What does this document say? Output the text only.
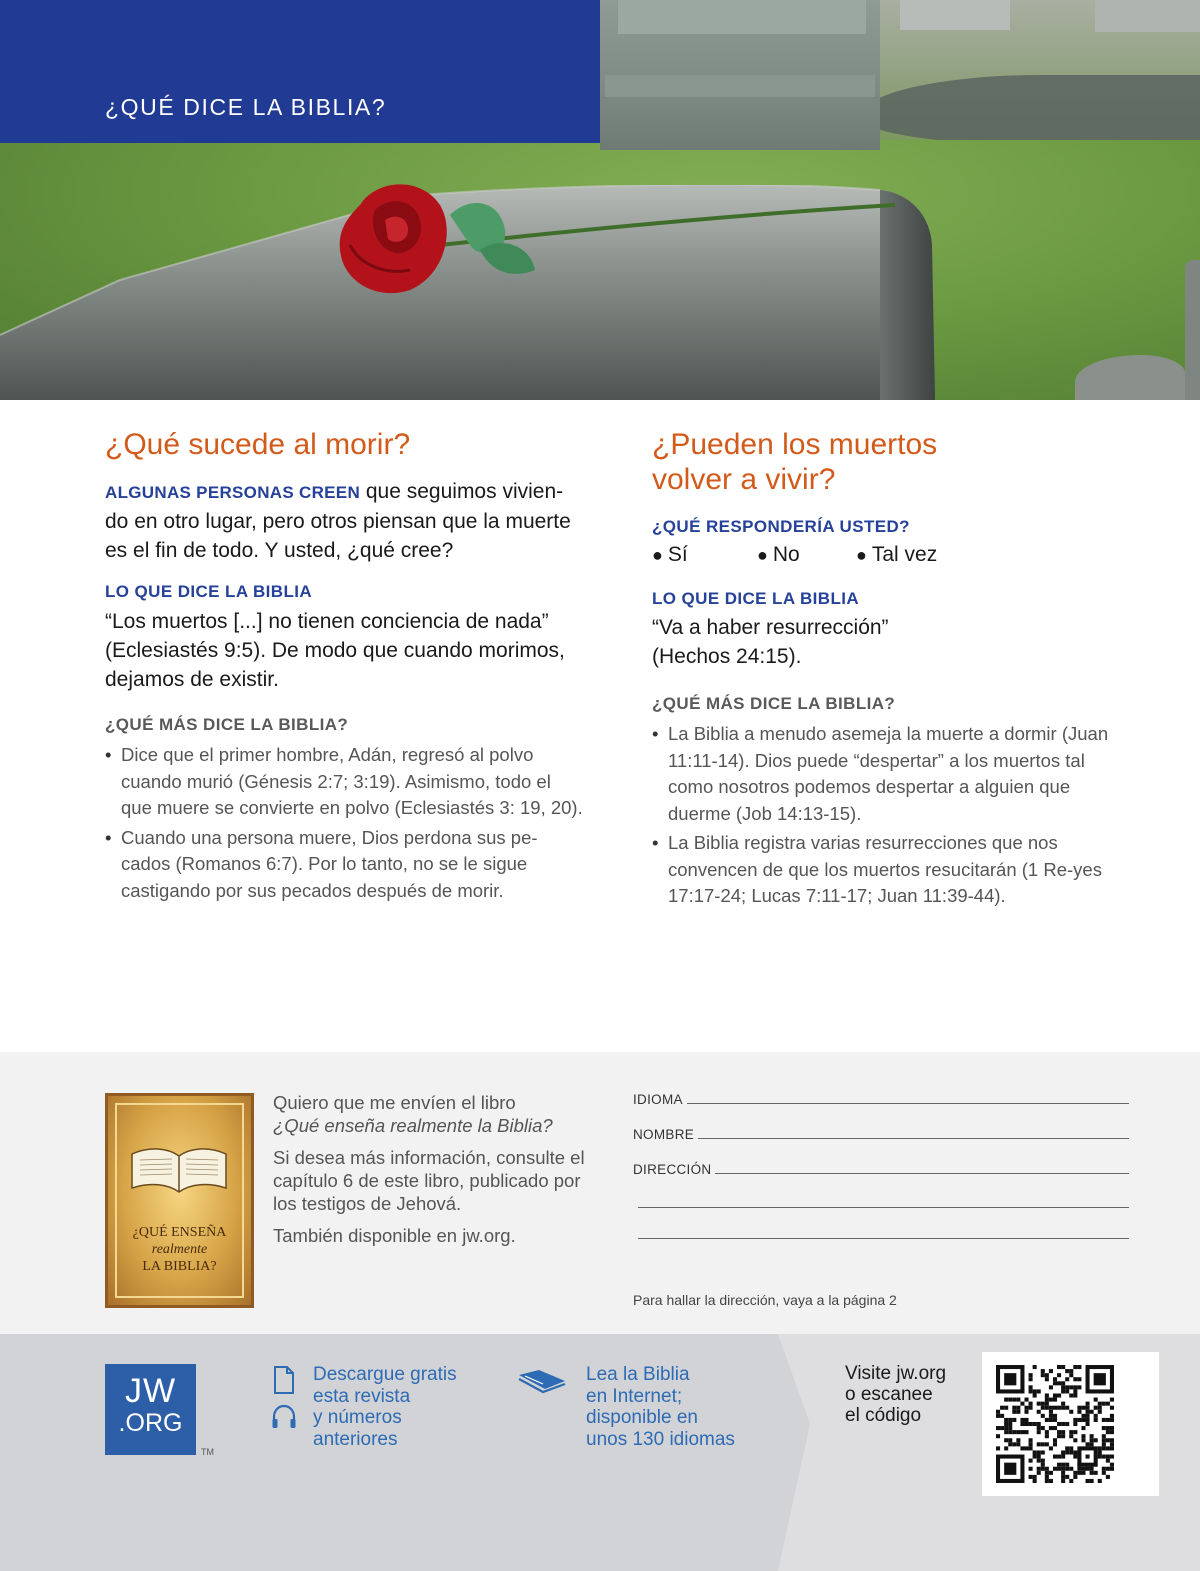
¿QUÉ DICE LA BIBLIA?
¿Qué sucede al morir?

ALGUNAS PERSONAS CREEN que seguimos vivien-do en otro lugar, pero otros piensan que la muerte es el fin de todo. Y usted, ¿qué cree?

LO QUE DICE LA BIBLIA

“Los muertos [...] no tienen conciencia de nada” (Eclesiastés 9:5). De modo que cuando morimos, dejamos de existir.

¿QUÉ MÁS DICE LA BIBLIA?
• Dice que el primer hombre, Adán, regresó al polvo cuando murió (Génesis 2:7; 3:19). Asimismo, todo el que muere se convierte en polvo (Eclesiastés 3: 19, 20).
• Cuando una persona muere, Dios perdona sus pe-cados (Romanos 6:7). Por lo tanto, no se le sigue castigando por sus pecados después de morir.
¿Pueden los muertos
volver a vivir?
¿QUÉ RESPONDERÍA USTED?
● Sí	● No	● Tal vez
LO QUE DICE LA BIBLIA

“Va a haber resurrección”
(Hechos 24:15).

¿QUÉ MÁS DICE LA BIBLIA?
• La Biblia a menudo asemeja la muerte a dormir (Juan 11:11-14). Dios puede “despertar” a los muertos tal como nosotros podemos despertar a alguien que duerme (Job 14:13-15).
• La Biblia registra varias resurrecciones que nos convencen de que los muertos resucitarán (1 Re-yes 17:17-24; Lucas 7:11-17; Juan 11:39-44).
¿QUÉ ENSEÑA
realmente
LA BIBLIA?

Quiero que me envíen el libro
¿Qué enseña realmente la Biblia?

Si desea más información, consulte el capítulo 6 de este libro, publicado por los testigos de Jehová.

También disponible en jw.org.

IDIOMA
NOMBRE
DIRECCIÓN
Para hallar la dirección, vaya a la página 2
JW
.ORG
TM
Descargue gratis
esta revista
y números
anteriores
Lea la Biblia
en Internet;
disponible en
unos 130 idiomas
Visite jw.org
o escanee
el código
